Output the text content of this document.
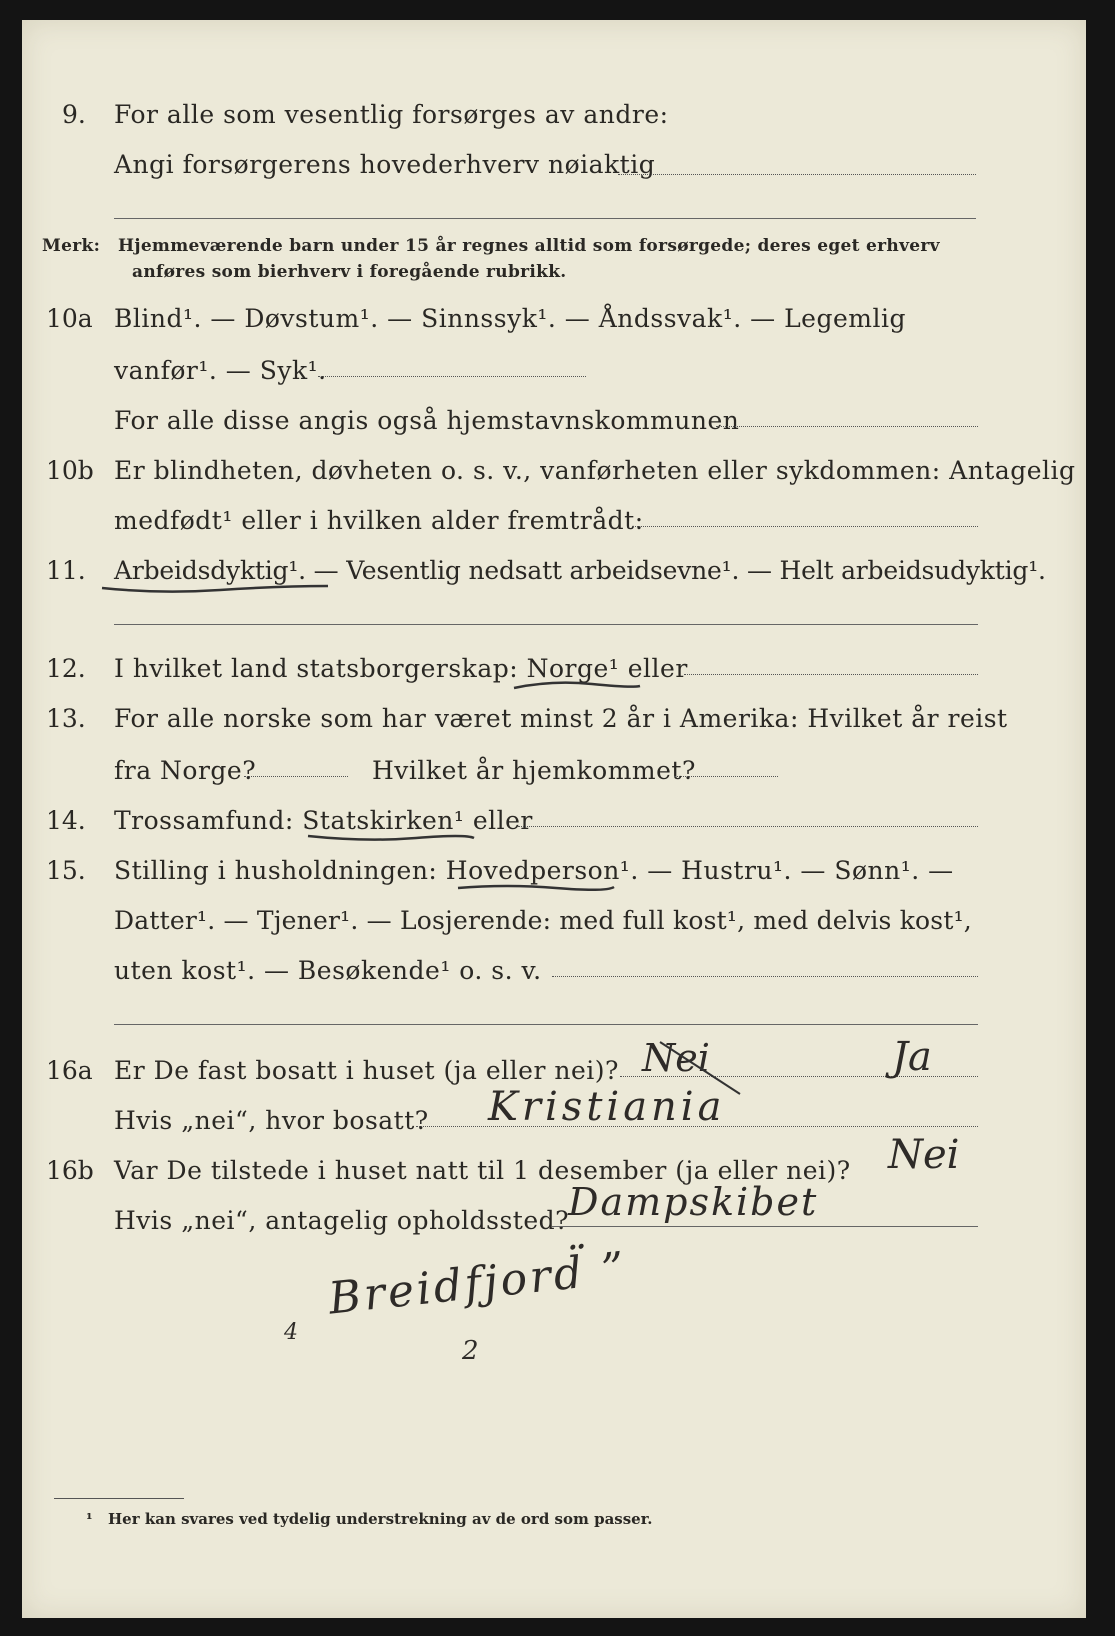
9. For alle som vesentlig forsørges av andre:
Angi forsørgerens hovederhverv nøiaktig
Merk: Hjemmeværende barn under 15 år regnes alltid som forsørgede; deres eget erhverv
anføres som bierhverv i foregående rubrikk.
10a Blind¹. — Døvstum¹. — Sinnssyk¹. — Åndssvak¹. — Legemlig
vanfør¹. — Syk¹.
For alle disse angis også hjemstavnskommunen
10b Er blindheten, døvheten o. s. v., vanførheten eller sykdommen: Antagelig
medfødt¹ eller i hvilken alder fremtrådt:
11. Arbeidsdyktig¹. — Vesentlig nedsatt arbeidsevne¹. — Helt arbeidsudyktig¹.
12. I hvilket land statsborgerskap: Norge¹ eller
13. For alle norske som har været minst 2 år i Amerika: Hvilket år reist
fra Norge?	Hvilket år hjemkommet?
14. Trossamfund: Statskirken¹ eller
15. Stilling i husholdningen: Hovedperson¹. — Hustru¹. — Sønn¹. —
Datter¹. — Tjener¹. — Losjerende: med full kost¹, med delvis kost¹,
uten kost¹. — Besøkende¹ o. s. v.
16a Er De fast bosatt i huset (ja eller nei)? Nei	Ja
Hvis „nei“, hvor bosatt? Kristiania
16b Var De tilstede i huset natt til 1 desember (ja eller nei)? Nei
Hvis „nei“, antagelig opholdssted?
Dampskibet
Breidfjord̈ ”
4
2
¹ Her kan svares ved tydelig understrekning av de ord som passer.
